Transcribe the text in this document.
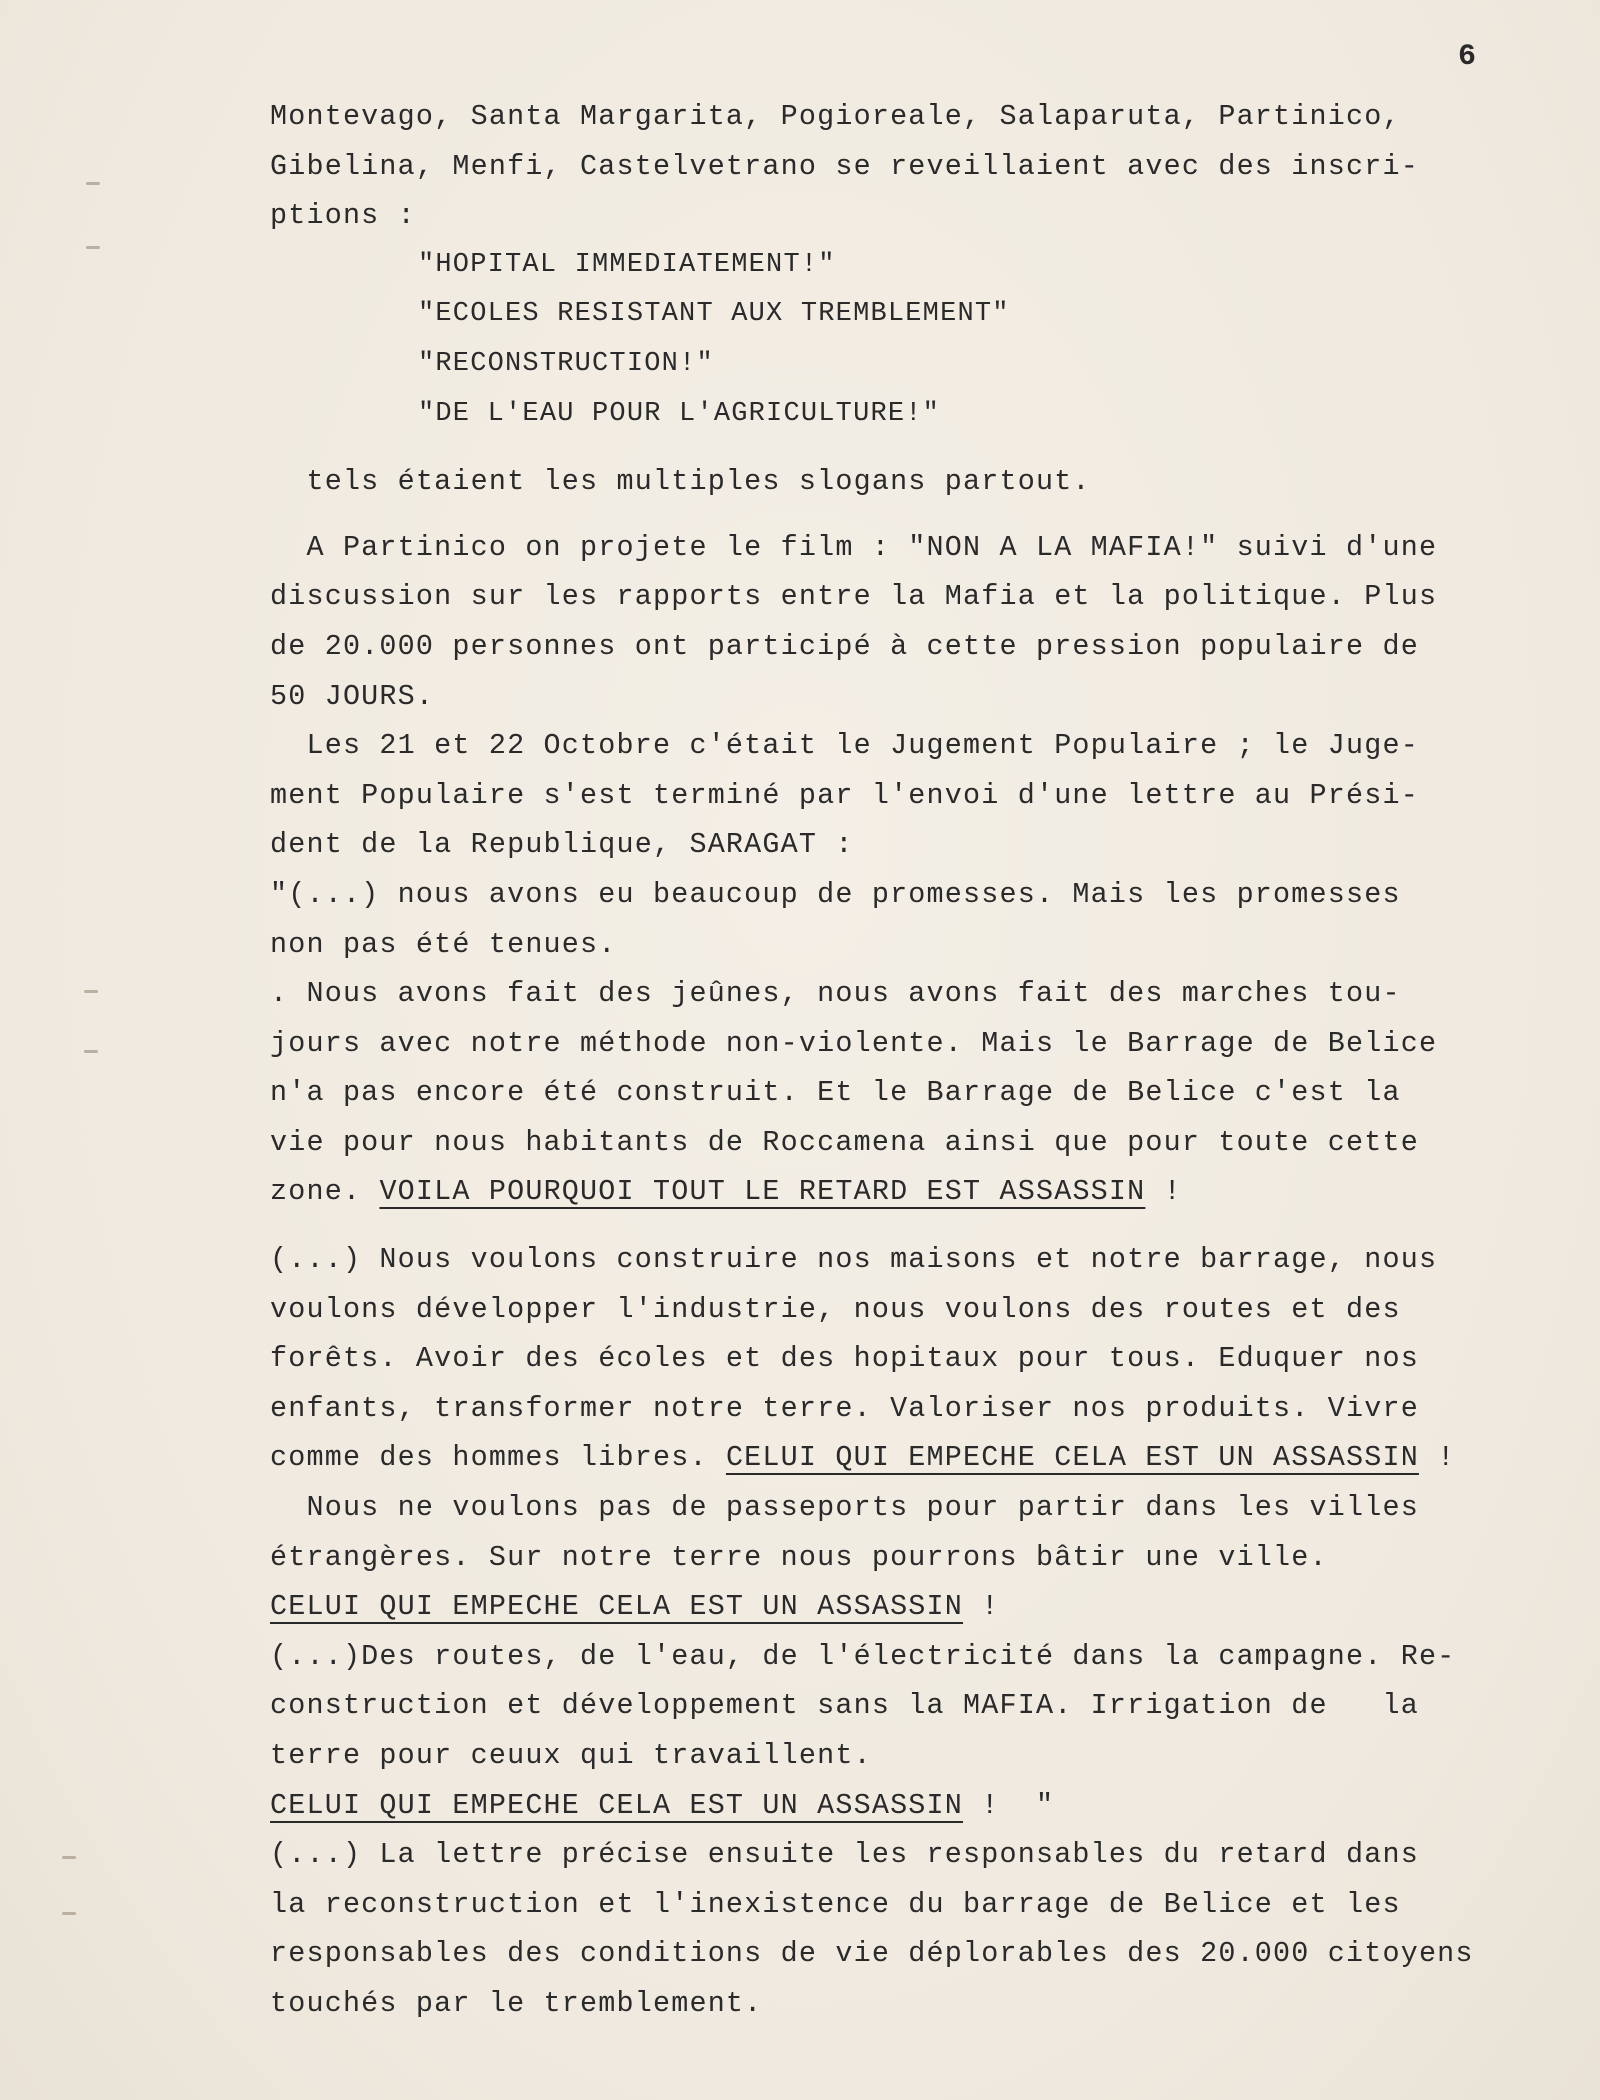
6
Montevago, Santa Margarita, Pogioreale, Salaparuta, Partinico,
Gibelina, Menfi, Castelvetrano se reveillaient avec des inscri-
ptions :
"HOPITAL IMMEDIATEMENT!"
"ECOLES RESISTANT AUX TREMBLEMENT"
"RECONSTRUCTION!"
"DE L'EAU POUR L'AGRICULTURE!"
tels étaient les multiples slogans partout.
A Partinico on projete le film : "NON A LA MAFIA!" suivi d'une
discussion sur les rapports entre la Mafia et la politique. Plus
de 20.000 personnes ont participé à cette pression populaire de
50 JOURS.
Les 21 et 22 Octobre c'était le Jugement Populaire ; le Juge-
ment Populaire s'est terminé par l'envoi d'une lettre au Prési-
dent de la Republique, SARAGAT :
"(...) nous avons eu beaucoup de promesses. Mais les promesses
non pas été tenues.
. Nous avons fait des jeûnes, nous avons fait des marches tou-
jours avec notre méthode non-violente. Mais le Barrage de Belice
n'a pas encore été construit. Et le Barrage de Belice c'est la
vie pour nous habitants de Roccamena ainsi que pour toute cette
zone. VOILA POURQUOI TOUT LE RETARD EST ASSASSIN !
(...) Nous voulons construire nos maisons et notre barrage, nous
voulons développer l'industrie, nous voulons des routes et des
forêts. Avoir des écoles et des hopitaux pour tous. Eduquer nos
enfants, transformer notre terre. Valoriser nos produits. Vivre
comme des hommes libres. CELUI QUI EMPECHE CELA EST UN ASSASSIN !
Nous ne voulons pas de passeports pour partir dans les villes
étrangères. Sur notre terre nous pourrons bâtir une ville.
CELUI QUI EMPECHE CELA EST UN ASSASSIN !
(...)Des routes, de l'eau, de l'électricité dans la campagne. Re-
construction et développement sans la MAFIA. Irrigation de   la
terre pour ceuux qui travaillent.
CELUI QUI EMPECHE CELA EST UN ASSASSIN !  "
(...) La lettre précise ensuite les responsables du retard dans
la reconstruction et l'inexistence du barrage de Belice et les
responsables des conditions de vie déplorables des 20.000 citoyens
touchés par le tremblement.
